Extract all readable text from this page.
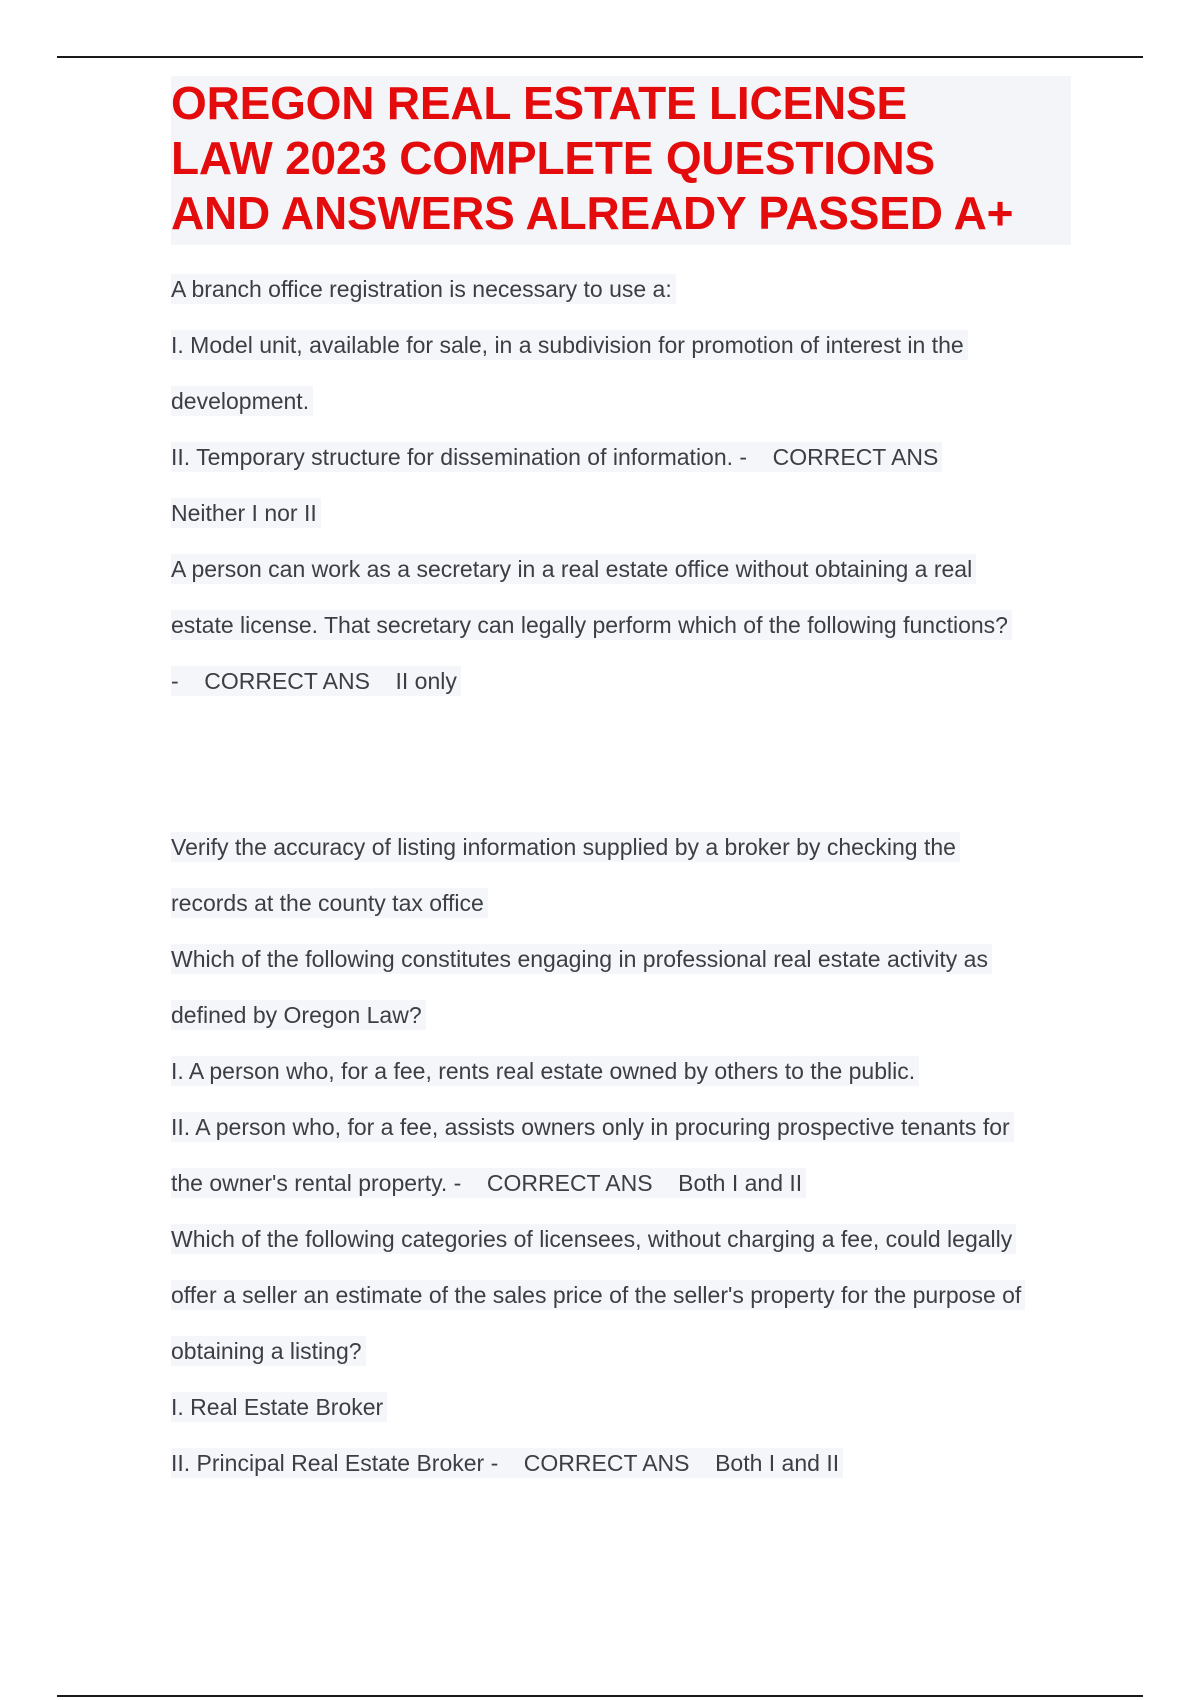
OREGON REAL ESTATE LICENSE
LAW 2023 COMPLETE QUESTIONS
AND ANSWERS ALREADY PASSED A+
A branch office registration is necessary to use a:
I. Model unit, available for sale, in a subdivision for promotion of interest in the
development.
II. Temporary structure for dissemination of information. -    CORRECT ANS
Neither I nor II
A person can work as a secretary in a real estate office without obtaining a real
estate license. That secretary can legally perform which of the following functions?
-    CORRECT ANS    II only
Verify the accuracy of listing information supplied by a broker by checking the
records at the county tax office
Which of the following constitutes engaging in professional real estate activity as
defined by Oregon Law?
I. A person who, for a fee, rents real estate owned by others to the public.
II. A person who, for a fee, assists owners only in procuring prospective tenants for
the owner's rental property. -    CORRECT ANS    Both I and II
Which of the following categories of licensees, without charging a fee, could legally
offer a seller an estimate of the sales price of the seller's property for the purpose of
obtaining a listing?
I. Real Estate Broker
II. Principal Real Estate Broker -    CORRECT ANS    Both I and II
